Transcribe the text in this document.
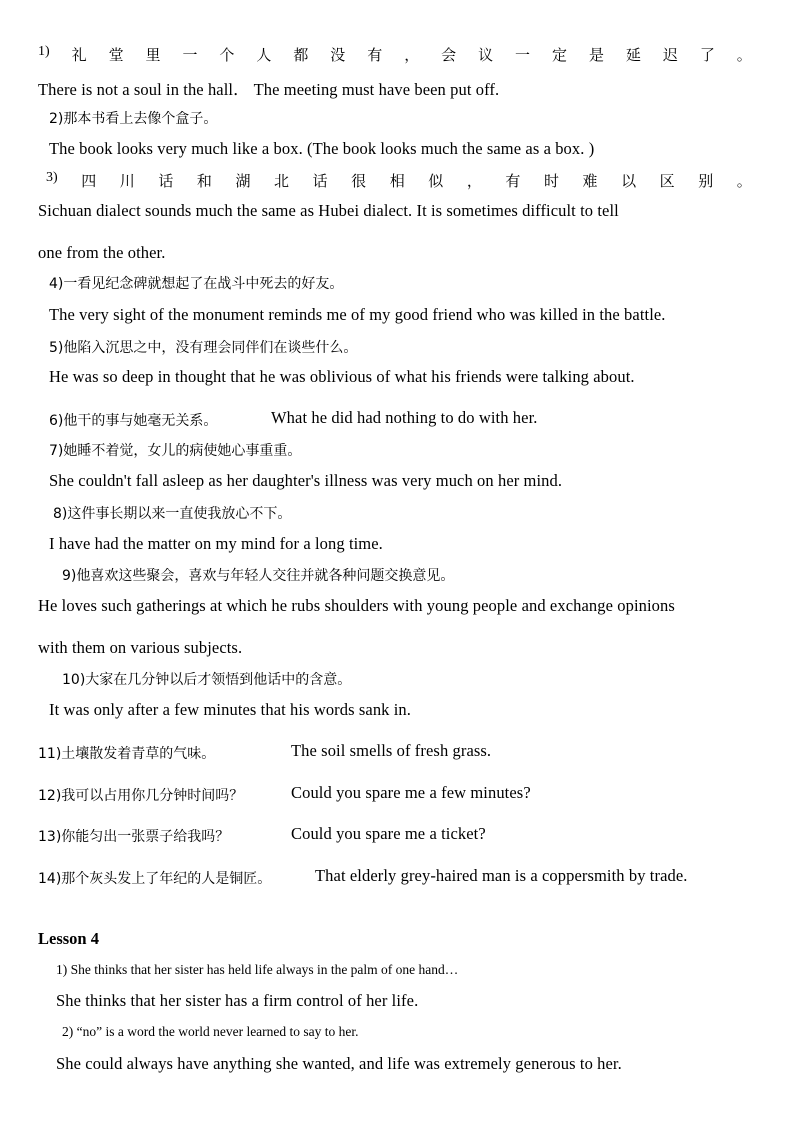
1) 礼 堂 里 一 个 人 都 没 有 ， 会 议 一 定 是 延 迟 了 。
There is not a soul in the hall． The meeting must have been put off.
2)那本书看上去像个盒子。
The book looks very much like a box. (The book looks much the same as a box. )
3) 四 川 话 和 湖 北 话 很 相 似 ， 有 时 难 以 区 别 。
Sichuan dialect sounds much the same as Hubei dialect. It is sometimes difficult to tell
one from the other.
4)一看见纪念碑就想起了在战斗中死去的好友。
The very sight of the monument reminds me of my good friend who was killed in the battle.
5)他陷入沉思之中，没有理会同伴们在谈些什么。
He was so deep in thought that he was oblivious of what his friends were talking about.
6)他干的事与她毫无关系。	What he did had nothing to do with her.
7)她睡不着觉，女儿的病使她心事重重。
She couldn't fall asleep as her daughter's illness was very much on her mind.
8)这件事长期以来一直使我放心不下。
I have had the matter on my mind for a long time.
9)他喜欢这些聚会，喜欢与年轻人交往并就各种问题交换意见。
He loves such gatherings at which he rubs shoulders with young people and exchange opinions
with them on various subjects.
10)大家在几分钟以后才领悟到他话中的含意。
It was only after a few minutes that his words sank in.
11)土壤散发着青草的气味。	The soil smells of fresh grass.
12)我可以占用你几分钟时间吗？	Could you spare me a few minutes?
13)你能匀出一张票子给我吗？	Could you spare me a ticket?
14)那个灰头发上了年纪的人是铜匠。	That elderly grey-haired man is a coppersmith by trade.
Lesson 4
1) She thinks that her sister has held life always in the palm of one hand…
She thinks that her sister has a firm control of her life.
2) “no” is a word the world never learned to say to her.
She could always have anything she wanted, and life was extremely generous to her.
